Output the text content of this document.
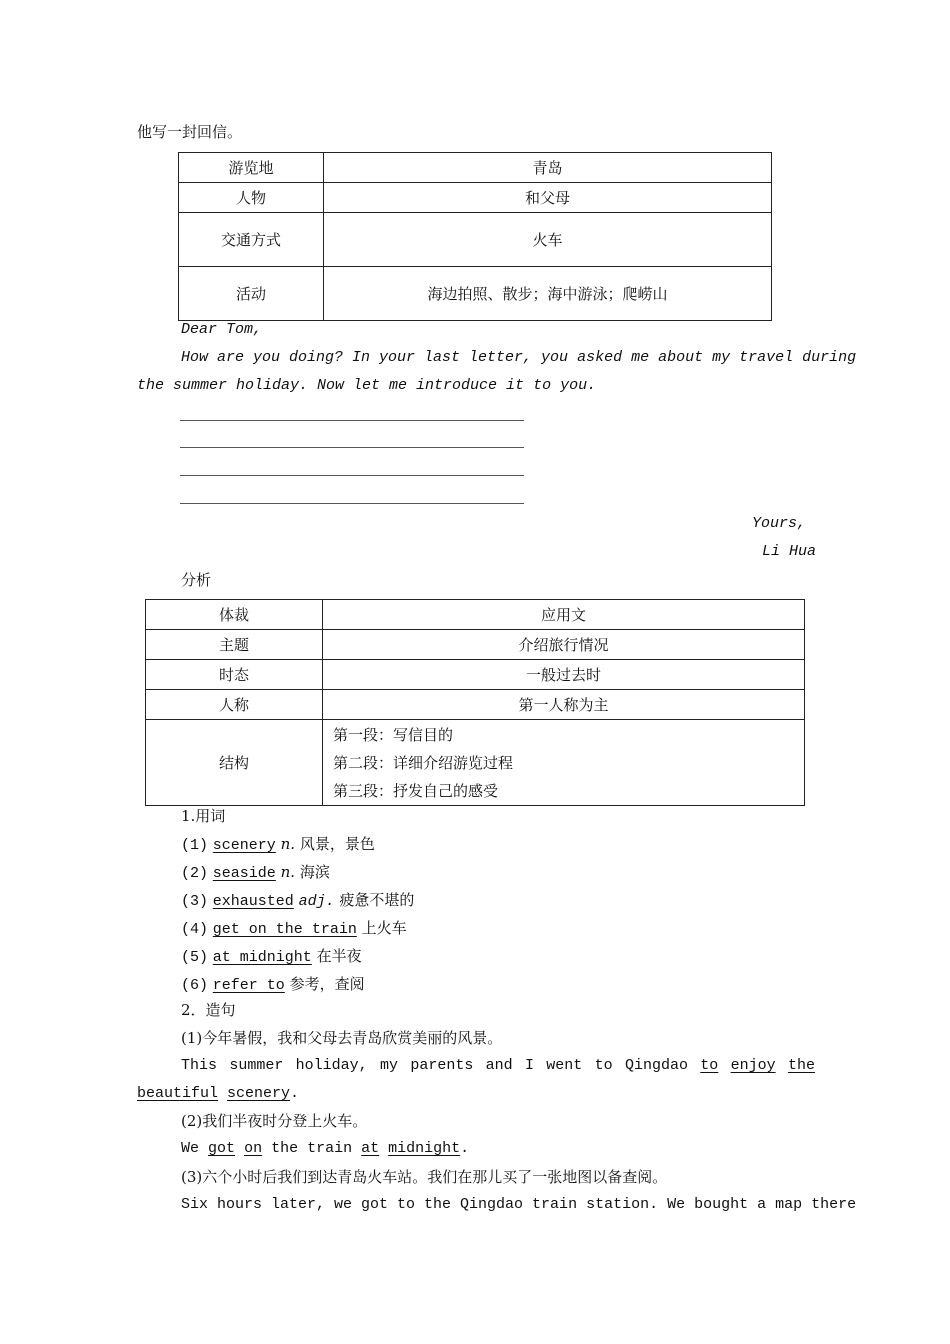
他写一封回信。
游览地	青岛
人物	和父母
交通方式	火车
活动	海边拍照、散步；海中游泳；爬崂山
Dear Tom,
How are you doing? In your last letter, you asked me about my travel during
the summer holiday. Now let me introduce it to you.
Yours,
Li Hua
分析
体裁	应用文
主题	介绍旅行情况
时态	一般过去时
人称	第一人称为主
结构	第一段：写信目的
第二段：详细介绍游览过程
第三段：抒发自己的感受
1.用词
(1) scenery n. 风景，景色
(2) seaside n. 海滨
(3) exhausted adj. 疲惫不堪的
(4) get on the train 上火车
(5) at midnight 在半夜
(6) refer to 参考，查阅
2．造句
(1)今年暑假，我和父母去青岛欣赏美丽的风景。
This summer holiday, my parents and I went to Qingdao to enjoy the
beautiful scenery.
(2)我们半夜时分登上火车。
We got on the train at midnight.
(3)六个小时后我们到达青岛火车站。我们在那儿买了一张地图以备查阅。
Six hours later, we got to the Qingdao train station. We bought a map there
